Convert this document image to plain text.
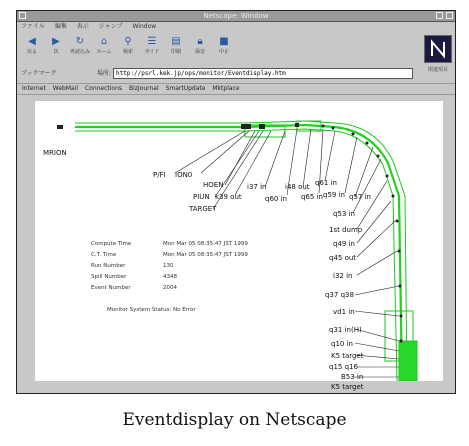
Netscape: Window
ファイル 編集 表示 ジャンプ Window
◀
戻る
▶
次
↻
再読込み
⌂
ホーム
⚲
検索
☰
ガイド
▤
印刷
🔒︎
保安
■
中止
ブックマーク	場所:
http://psrl.kek.jp/ops/monitor/Eventdisplay.htm	関連項目
Internet WebMail Connections BizJournal SmartUpdate Mktplace
MRION
P/FI ION0
HOEN
PIUN
TARGET
k39 out
i37 in
q60 in
i48 out
q65 in
q61 in
q59 in q57 in
q53 in
1st dump
q49 in
q45 out
i32 in
q37 q38
vd1 in
q31 in(H)
q10 in
K5 target
q15 q16
B53 in
K5 target
Compute Time	Mon Mar 05 08:35:47 JST 1999
C.T. Time	Mon Mar 05 08:35:47 JST 1999
Run Number	130
Spill Number	4348
Event Number	2004
Monitor System Status: No Error
Eventdisplay on Netscape
